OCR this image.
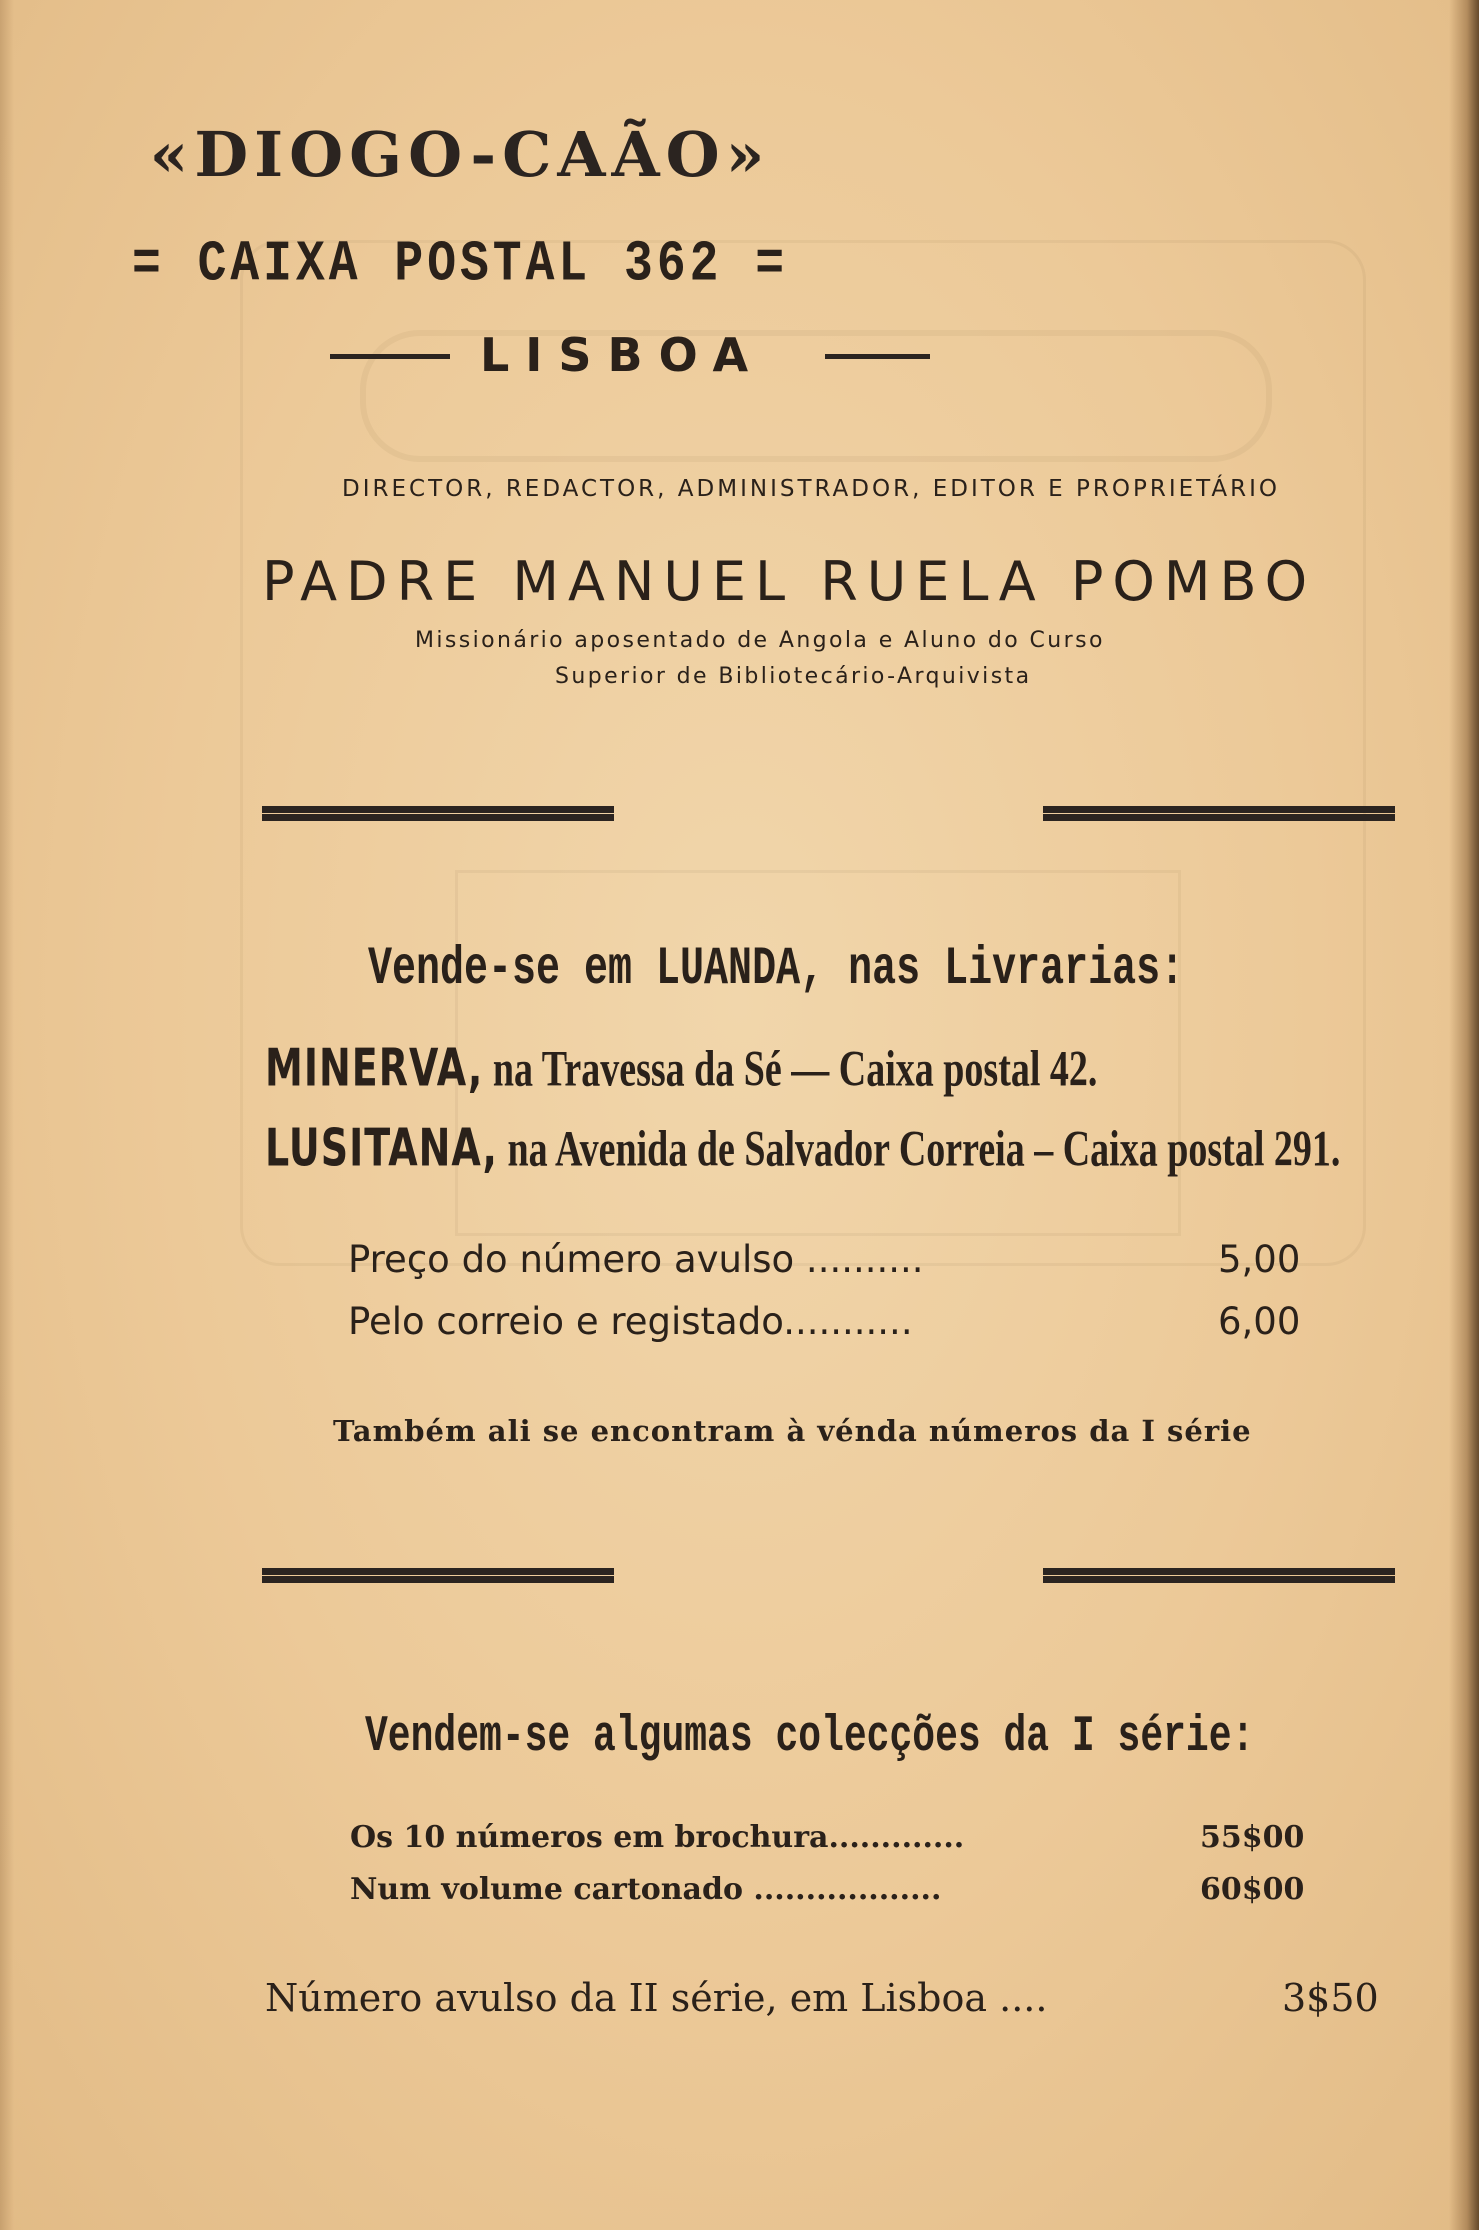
«DIOGO-CAÃO»
= CAIXA POSTAL 362 =
LISBOA
DIRECTOR, REDACTOR, ADMINISTRADOR, EDITOR E PROPRIETÁRIO
PADRE MANUEL RUELA POMBO
Missionário aposentado de Angola e Aluno do Curso
Superior de Bibliotecário-Arquivista
Vende-se em LUANDA, nas Livrarias:
MINERVA, na Travessa da Sé — Caixa postal 42.
LUSITANA, na Avenida de Salvador Correia – Caixa postal 291.
Preço do número avulso ..........	5,00
Pelo correio e registado...........	6,00
Também ali se encontram à vénda números da I série
Vendem-se algumas colecções da I série:
Os 10 números em brochura.............	55$00
Num volume cartonado ..................	60$00
Número avulso da II série, em Lisboa ....	3$50
